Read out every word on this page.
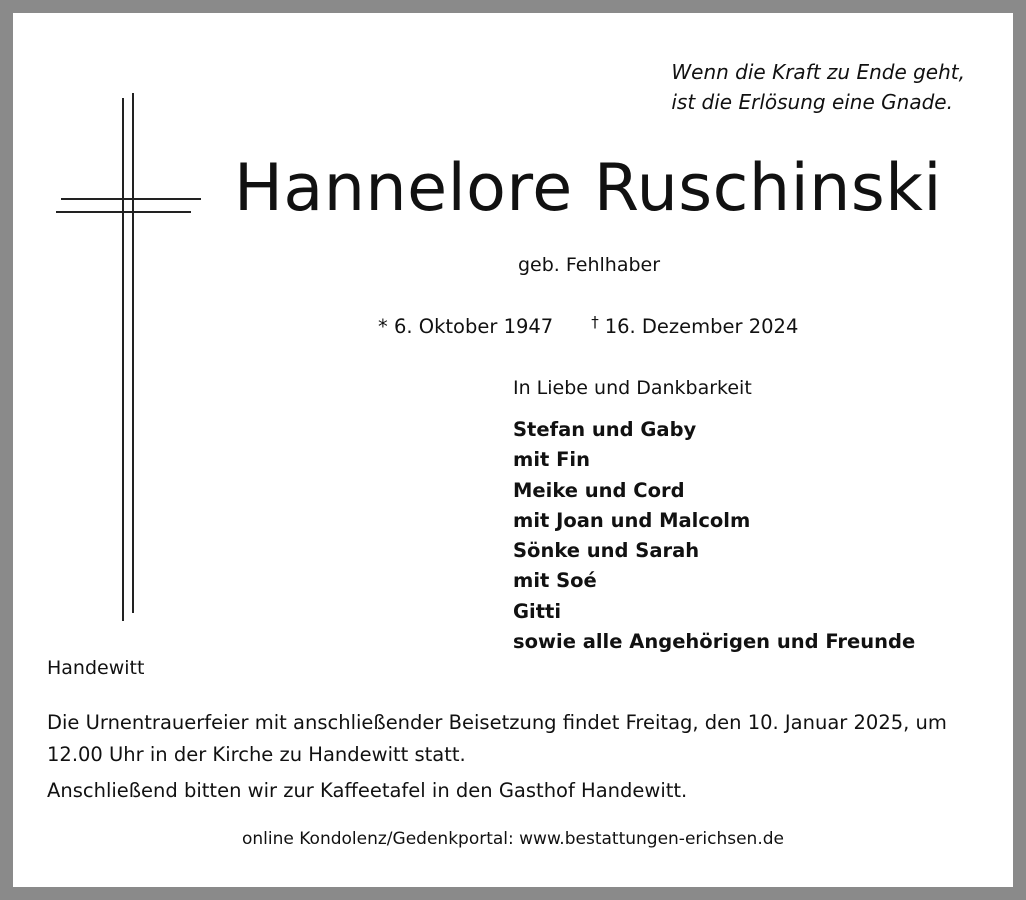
Wenn die Kraft zu Ende geht,
ist die Erlösung eine Gnade.
Hannelore Ruschinski
geb. Fehlhaber
* 6. Oktober 1947	† 16. Dezember 2024
In Liebe und Dankbarkeit
Stefan und Gaby
mit Fin
Meike und Cord
mit Joan und Malcolm
Sönke und Sarah
mit Soé
Gitti
sowie alle Angehörigen und Freunde
Handewitt
Die Urnentrauerfeier mit anschließender Beisetzung findet Freitag, den 10. Januar 2025, um 12.00 Uhr in der Kirche zu Handewitt statt.
Anschließend bitten wir zur Kaffeetafel in den Gasthof Handewitt.
online Kondolenz/Gedenkportal: www.bestattungen-erichsen.de
